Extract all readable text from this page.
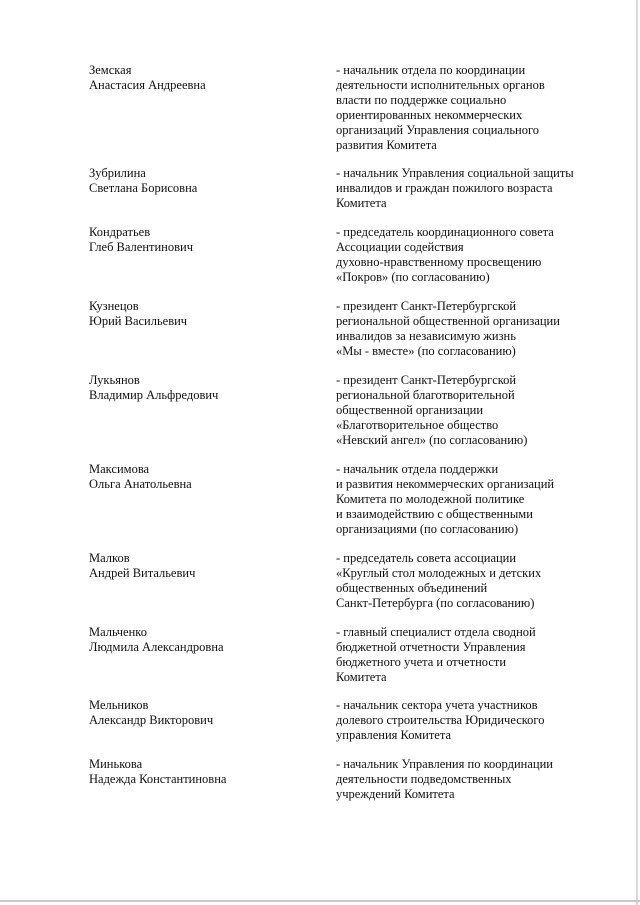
Земская
Анастасия Андреевна
- начальник отдела по координации
деятельности исполнительных органов
власти по поддержке социально
ориентированных некоммерческих
организаций Управления социального
развития Комитета
Зубрилина
Светлана Борисовна
- начальник Управления социальной защиты
инвалидов и граждан пожилого возраста
Комитета
Кондратьев
Глеб Валентинович
- председатель координационного совета
Ассоциации содействия
духовно-нравственному просвещению
«Покров» (по согласованию)
Кузнецов
Юрий Васильевич
- президент Санкт-Петербургской
региональной общественной организации
инвалидов за независимую жизнь
«Мы - вместе» (по согласованию)
Лукьянов
Владимир Альфредович
- президент Санкт-Петербургской
региональной благотворительной
общественной организации
«Благотворительное общество
«Невский ангел» (по согласованию)
Максимова
Ольга Анатольевна
- начальник отдела поддержки
и развития некоммерческих организаций
Комитета по молодежной политике
и взаимодействию с общественными
организациями (по согласованию)
Малков
Андрей Витальевич
- председатель совета ассоциации
«Круглый стол молодежных и детских
общественных объединений
Санкт-Петербурга (по согласованию)
Мальченко
Людмила Александровна
- главный специалист отдела сводной
бюджетной отчетности Управления
бюджетного учета и отчетности
Комитета
Мельников
Александр Викторович
- начальник сектора учета участников
долевого строительства Юридического
управления Комитета
Минькова
Надежда Константиновна
- начальник Управления по координации
деятельности подведомственных
учреждений Комитета
